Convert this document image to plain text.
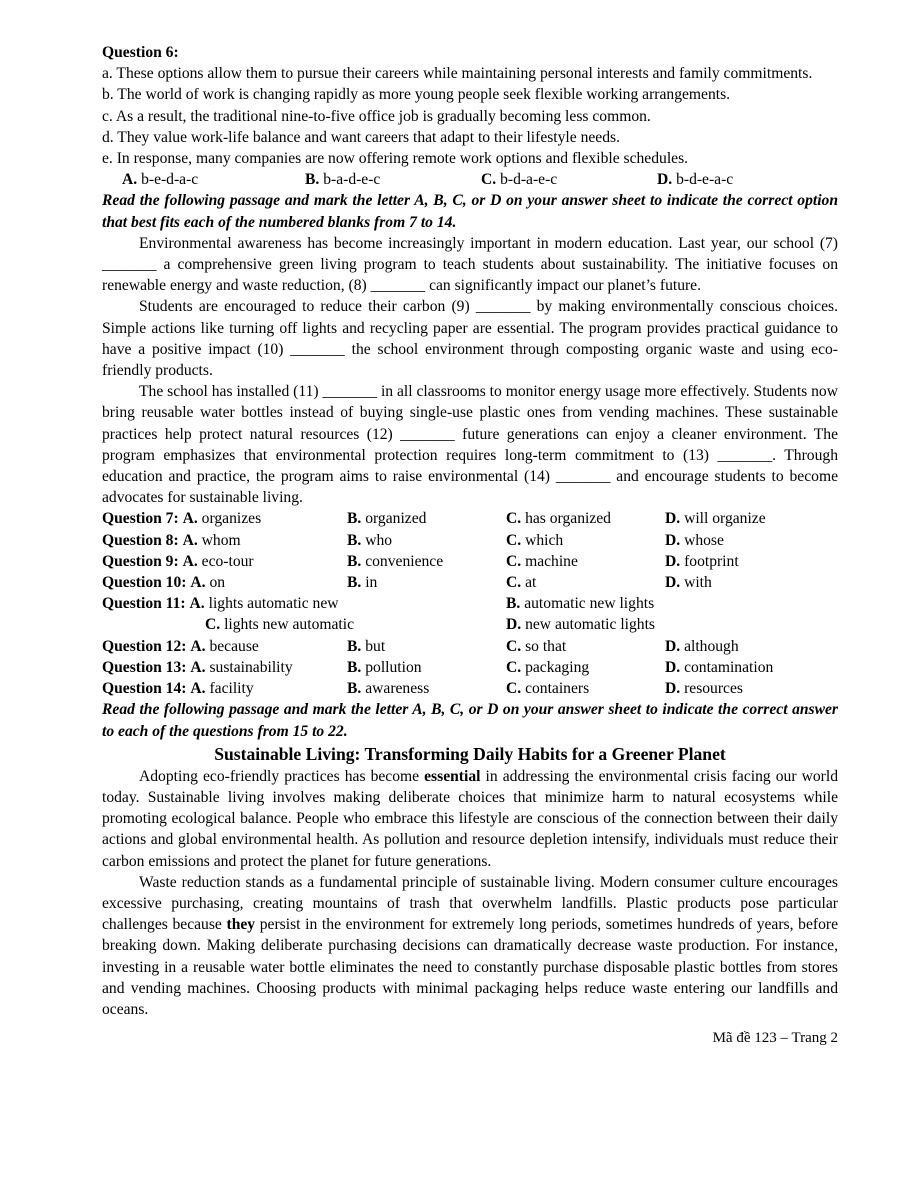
Question 6:

a. These options allow them to pursue their careers while maintaining personal interests and family commitments.

b. The world of work is changing rapidly as more young people seek flexible working arrangements.

c. As a result, the traditional nine-to-five office job is gradually becoming less common.

d. They value work-life balance and want careers that adapt to their lifestyle needs.

e. In response, many companies are now offering remote work options and flexible schedules.

A. b-e-d-a-c	B. b-a-d-e-c	C. b-d-a-e-c	D. b-d-e-a-c

Read the following passage and mark the letter A, B, C, or D on your answer sheet to indicate the correct option that best fits each of the numbered blanks from 7 to 14.

Environmental awareness has become increasingly important in modern education. Last year, our school (7) _______ a comprehensive green living program to teach students about sustainability. The initiative focuses on renewable energy and waste reduction, (8) _______ can significantly impact our planet’s future.

Students are encouraged to reduce their carbon (9) _______ by making environmentally conscious choices. Simple actions like turning off lights and recycling paper are essential. The program provides practical guidance to have a positive impact (10) _______ the school environment through composting organic waste and using eco-friendly products.

The school has installed (11) _______ in all classrooms to monitor energy usage more effectively. Students now bring reusable water bottles instead of buying single-use plastic ones from vending machines. These sustainable practices help protect natural resources (12) _______ future generations can enjoy a cleaner environment. The program emphasizes that environmental protection requires long-term commitment to (13) _______. Through education and practice, the program aims to raise environmental (14) _______ and encourage students to become advocates for sustainable living.

Question 7: A. organizes	B. organized	C. has organized	D. will organize
Question 8: A. whom	B. who	C. which	D. whose
Question 9: A. eco-tour	B. convenience	C. machine	D. footprint
Question 10: A. on	B. in	C. at	D. with
Question 11: A. lights automatic new	B. automatic new lights
C. lights new automatic	D. new automatic lights
Question 12: A. because	B. but	C. so that	D. although
Question 13: A. sustainability	B. pollution	C. packaging	D. contamination
Question 14: A. facility	B. awareness	C. containers	D. resources

Read the following passage and mark the letter A, B, C, or D on your answer sheet to indicate the correct answer to each of the questions from 15 to 22.

Sustainable Living: Transforming Daily Habits for a Greener Planet

Adopting eco-friendly practices has become essential in addressing the environmental crisis facing our world today. Sustainable living involves making deliberate choices that minimize harm to natural ecosystems while promoting ecological balance. People who embrace this lifestyle are conscious of the connection between their daily actions and global environmental health. As pollution and resource depletion intensify, individuals must reduce their carbon emissions and protect the planet for future generations.

Waste reduction stands as a fundamental principle of sustainable living. Modern consumer culture encourages excessive purchasing, creating mountains of trash that overwhelm landfills. Plastic products pose particular challenges because they persist in the environment for extremely long periods, sometimes hundreds of years, before breaking down. Making deliberate purchasing decisions can dramatically decrease waste production. For instance, investing in a reusable water bottle eliminates the need to constantly purchase disposable plastic bottles from stores and vending machines. Choosing products with minimal packaging helps reduce waste entering our landfills and oceans.

Mã đề 123 – Trang 2
